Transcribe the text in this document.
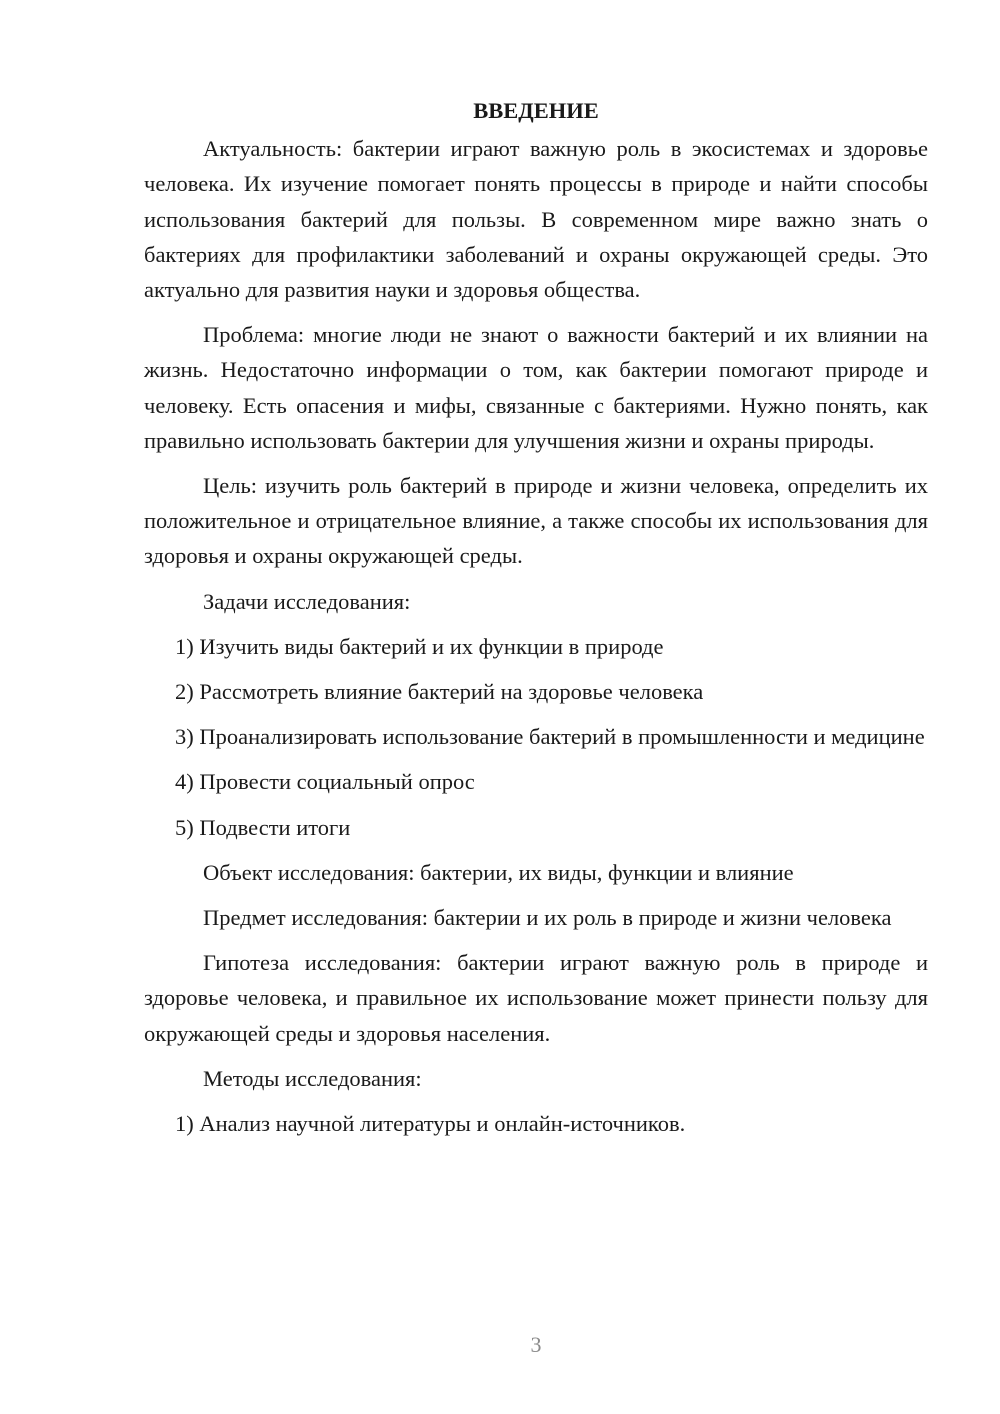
ВВЕДЕНИЕ

Актуальность: бактерии играют важную роль в экосистемах и здоровье человека. Их изучение помогает понять процессы в природе и найти способы использования бактерий для пользы. В современном мире важно знать о бактериях для профилактики заболеваний и охраны окружающей среды. Это актуально для развития науки и здоровья общества.

Проблема: многие люди не знают о важности бактерий и их влиянии на жизнь. Недостаточно информации о том, как бактерии помогают природе и человеку. Есть опасения и мифы, связанные с бактериями. Нужно понять, как правильно использовать бактерии для улучшения жизни и охраны природы.

Цель: изучить роль бактерий в природе и жизни человека, определить их положительное и отрицательное влияние, а также способы их использования для здоровья и охраны окружающей среды.

Задачи исследования:

1) Изучить виды бактерий и их функции в природе

2) Рассмотреть влияние бактерий на здоровье человека

3) Проанализировать использование бактерий в промышленности и медицине

4) Провести социальный опрос

5) Подвести итоги

Объект исследования: бактерии, их виды, функции и влияние

Предмет исследования: бактерии и их роль в природе и жизни человека

Гипотеза исследования: бактерии играют важную роль в природе и здоровье человека, и правильное их использование может принести пользу для окружающей среды и здоровья населения.

Методы исследования:

1) Анализ научной литературы и онлайн-источников.

3
